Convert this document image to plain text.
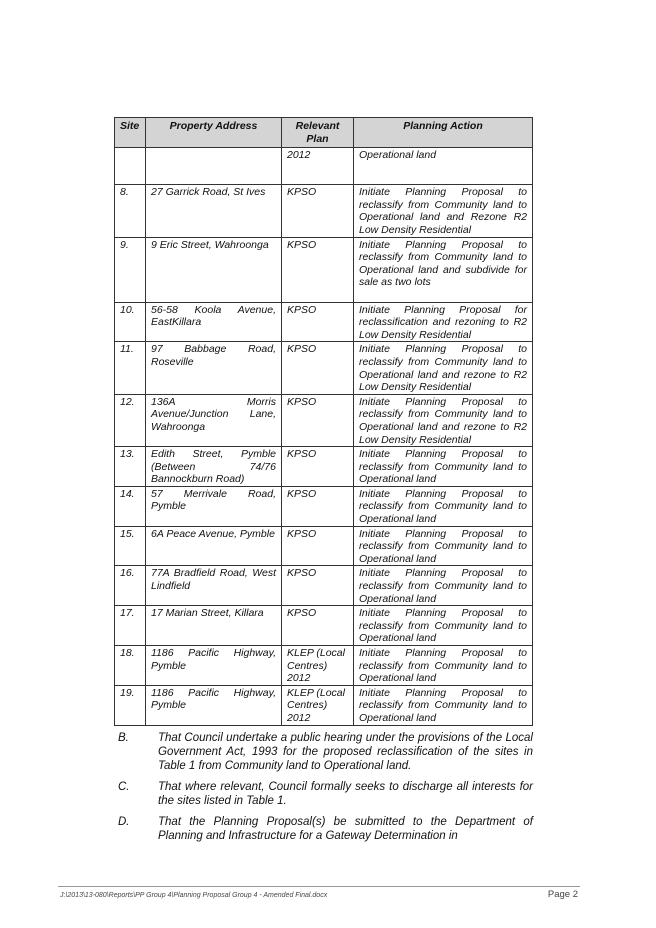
Site	Property Address	Relevant Plan	Planning Action
		2012	Operational land
8.	27 Garrick Road, St Ives	KPSO	Initiate Planning Proposal to reclassify from Community land to Operational land and Rezone R2 Low Density Residential
9.	9 Eric Street, Wahroonga	KPSO	Initiate Planning Proposal to reclassify from Community land to Operational land and subdivide for sale as two lots
10.	56-58 Koola Avenue, EastKillara	KPSO	Initiate Planning Proposal for reclassification and rezoning to R2 Low Density Residential
11.	97 Babbage Road, Roseville	KPSO	Initiate Planning Proposal to reclassify from Community land to Operational land and rezone to R2 Low Density Residential
12.	136A Morris Avenue/Junction Lane, Wahroonga	KPSO	Initiate Planning Proposal to reclassify from Community land to Operational land and rezone to R2 Low Density Residential
13.	Edith Street, Pymble (Between 74/76 Bannockburn Road)	KPSO	Initiate Planning Proposal to reclassify from Community land to Operational land
14.	57 Merrivale Road, Pymble	KPSO	Initiate Planning Proposal to reclassify from Community land to Operational land
15.	6A Peace Avenue, Pymble	KPSO	Initiate Planning Proposal to reclassify from Community land to Operational land
16.	77A Bradfield Road, West Lindfield	KPSO	Initiate Planning Proposal to reclassify from Community land to Operational land
17.	17 Marian Street, Killara	KPSO	Initiate Planning Proposal to reclassify from Community land to Operational land
18.	1186 Pacific Highway, Pymble	KLEP (Local Centres) 2012	Initiate Planning Proposal to reclassify from Community land to Operational land
19.	1186 Pacific Highway, Pymble	KLEP (Local Centres) 2012	Initiate Planning Proposal to reclassify from Community land to Operational land
B.	That Council undertake a public hearing under the provisions of the Local Government Act, 1993 for the proposed reclassification of the sites in Table 1 from Community land to Operational land.
C. That where relevant, Council formally seeks to discharge all interests for the sites listed in Table 1.
D. That the Planning Proposal(s) be submitted to the Department of Planning and Infrastructure for a Gateway Determination in
J:\2013\13-080\Reports\PP Group 4\Planning Proposal Group 4 - Amended Final.docx	Page 2
